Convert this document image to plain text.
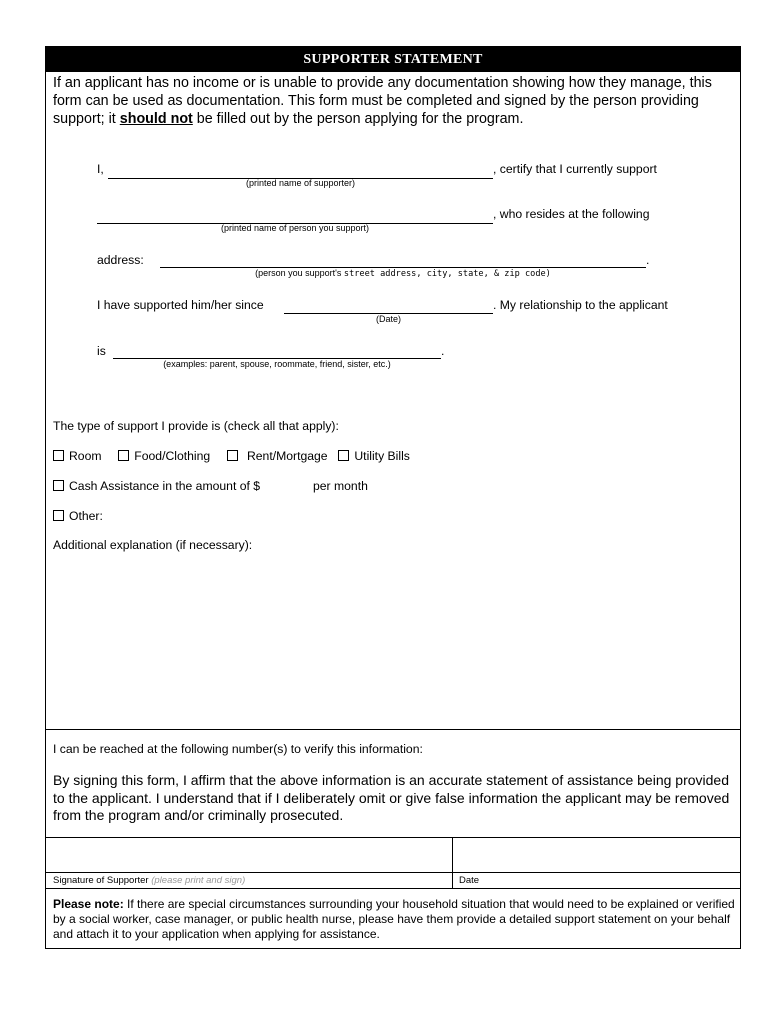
SUPPORTER STATEMENT
If an applicant has no income or is unable to provide any documentation showing how they manage, this form can be used as documentation. This form must be completed and signed by the person providing support; it should not be filled out by the person applying for the program.
I,	, certify that I currently support
(printed name of supporter)
, who resides at the following
(printed name of person you support)
address:	.
(person you support's street address, city, state, & zip code)
I have supported him/her since	. My relationship to the applicant
(Date)
is	.
(examples: parent, spouse, roommate, friend, sister, etc.)
The type of support I provide is (check all that apply):
Room	Food/Clothing	Rent/Mortgage Utility Bills
Cash Assistance in the amount of $	per month
Other:
Additional explanation (if necessary):
I can be reached at the following number(s) to verify this information:
By signing this form, I affirm that the above information is an accurate statement of assistance being provided to the applicant. I understand that if I deliberately omit or give false information the applicant may be removed from the program and/or criminally prosecuted.
Signature of Supporter (please print and sign)	Date
Please note: If there are special circumstances surrounding your household situation that would need to be explained or verified by a social worker, case manager, or public health nurse, please have them provide a detailed support statement on your behalf and attach it to your application when applying for assistance.
